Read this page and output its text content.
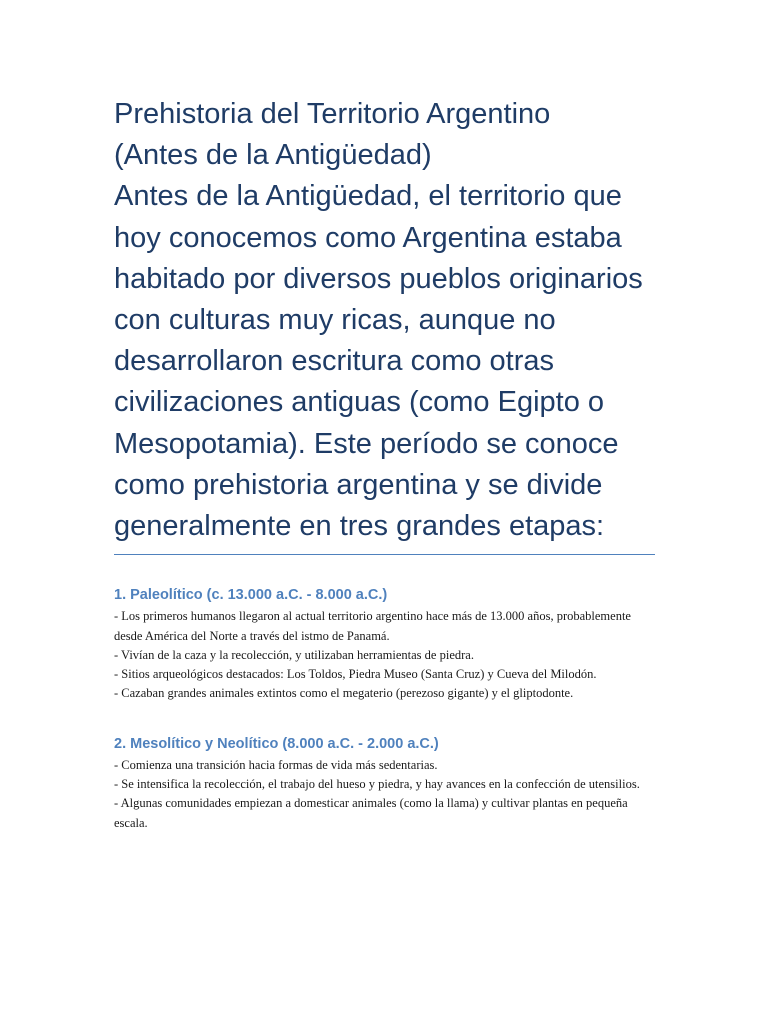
Prehistoria del Territorio Argentino
(Antes de la Antigüedad)
Antes de la Antigüedad, el territorio que hoy conocemos como Argentina estaba habitado por diversos pueblos originarios con culturas muy ricas, aunque no desarrollaron escritura como otras civilizaciones antiguas (como Egipto o Mesopotamia). Este período se conoce como prehistoria argentina y se divide generalmente en tres grandes etapas:
1. Paleolítico (c. 13.000 a.C. - 8.000 a.C.)

- Los primeros humanos llegaron al actual territorio argentino hace más de 13.000 años, probablemente desde América del Norte a través del istmo de Panamá.
- Vivían de la caza y la recolección, y utilizaban herramientas de piedra.
- Sitios arqueológicos destacados: Los Toldos, Piedra Museo (Santa Cruz) y Cueva del Milodón.
- Cazaban grandes animales extintos como el megaterio (perezoso gigante) y el gliptodonte.

2. Mesolítico y Neolítico (8.000 a.C. - 2.000 a.C.)

- Comienza una transición hacia formas de vida más sedentarias.
- Se intensifica la recolección, el trabajo del hueso y piedra, y hay avances en la confección de utensilios.
- Algunas comunidades empiezan a domesticar animales (como la llama) y cultivar plantas en pequeña escala.
